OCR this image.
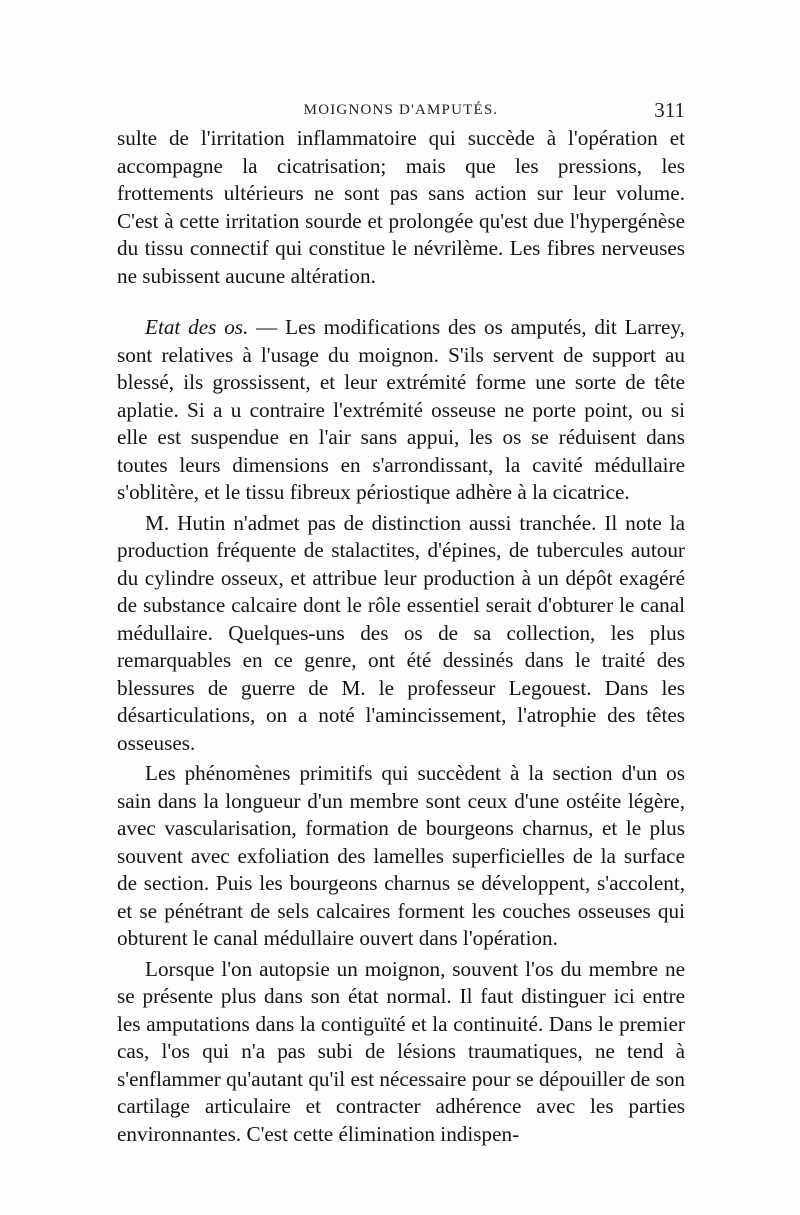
MOIGNONS D'AMPUTÉS.	311

sulte de l'irritation inflammatoire qui succède à l'opération et accompagne la cicatrisation; mais que les pressions, les frottements ultérieurs ne sont pas sans action sur leur volume. C'est à cette irritation sourde et prolongée qu'est due l'hypergénèse du tissu connectif qui constitue le névrilème. Les fibres nerveuses ne subissent aucune altération.

Etat des os. — Les modifications des os amputés, dit Larrey, sont relatives à l'usage du moignon. S'ils servent de support au blessé, ils grossissent, et leur extrémité forme une sorte de tête aplatie. Si a u contraire l'extrémité osseuse ne porte point, ou si elle est suspendue en l'air sans appui, les os se réduisent dans toutes leurs dimensions en s'arrondissant, la cavité médullaire s'oblitère, et le tissu fibreux périostique adhère à la cicatrice.

M. Hutin n'admet pas de distinction aussi tranchée. Il note la production fréquente de stalactites, d'épines, de tubercules autour du cylindre osseux, et attribue leur production à un dépôt exagéré de substance calcaire dont le rôle essentiel serait d'obturer le canal médullaire. Quelques-uns des os de sa collection, les plus remarquables en ce genre, ont été dessinés dans le traité des blessures de guerre de M. le professeur Legouest. Dans les désarticulations, on a noté l'amincissement, l'atrophie des têtes osseuses.

Les phénomènes primitifs qui succèdent à la section d'un os sain dans la longueur d'un membre sont ceux d'une ostéite légère, avec vascularisation, formation de bourgeons charnus, et le plus souvent avec exfoliation des lamelles superficielles de la surface de section. Puis les bourgeons charnus se développent, s'accolent, et se pénétrant de sels calcaires forment les couches osseuses qui obturent le canal médullaire ouvert dans l'opération.

Lorsque l'on autopsie un moignon, souvent l'os du membre ne se présente plus dans son état normal. Il faut distinguer ici entre les amputations dans la contiguïté et la continuité. Dans le premier cas, l'os qui n'a pas subi de lésions traumatiques, ne tend à s'enflammer qu'autant qu'il est nécessaire pour se dépouiller de son cartilage articulaire et contracter adhérence avec les parties environnantes. C'est cette élimination indispen-
